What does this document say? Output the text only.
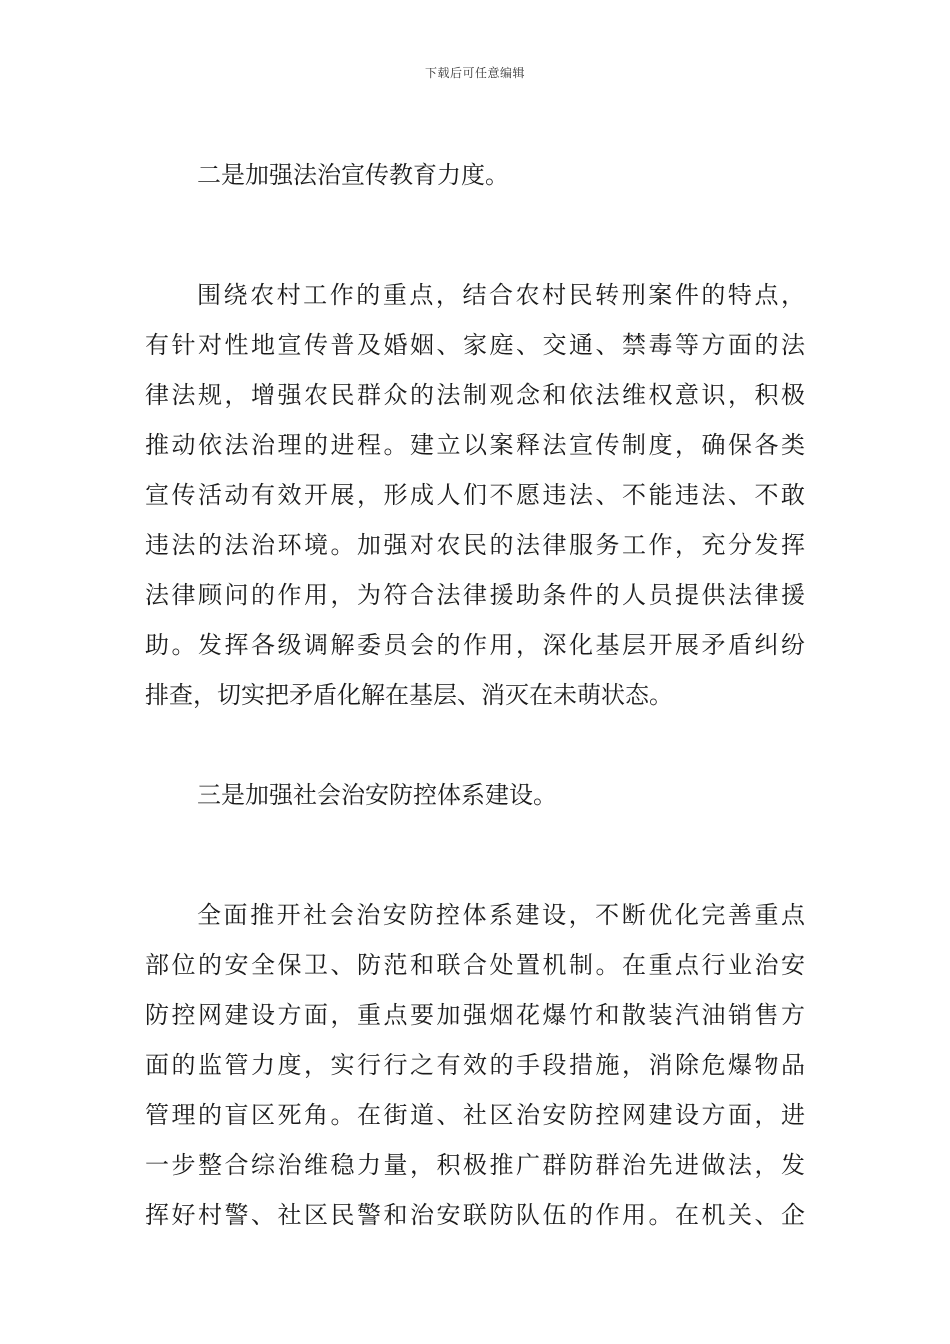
下载后可任意编辑

二是加强法治宣传教育力度。

围绕农村工作的重点，结合农村民转刑案件的特点，
有针对性地宣传普及婚姻、家庭、交通、禁毒等方面的法
律法规，增强农民群众的法制观念和依法维权意识，积极
推动依法治理的进程。建立以案释法宣传制度，确保各类
宣传活动有效开展，形成人们不愿违法、不能违法、不敢
违法的法治环境。加强对农民的法律服务工作，充分发挥
法律顾问的作用，为符合法律援助条件的人员提供法律援
助。发挥各级调解委员会的作用，深化基层开展矛盾纠纷
排查，切实把矛盾化解在基层、消灭在未萌状态。

三是加强社会治安防控体系建设。

全面推开社会治安防控体系建设，不断优化完善重点
部位的安全保卫、防范和联合处置机制。在重点行业治安
防控网建设方面，重点要加强烟花爆竹和散装汽油销售方
面的监管力度，实行行之有效的手段措施，消除危爆物品
管理的盲区死角。在街道、社区治安防控网建设方面，进
一步整合综治维稳力量，积极推广群防群治先进做法，发
挥好村警、社区民警和治安联防队伍的作用。在机关、企
